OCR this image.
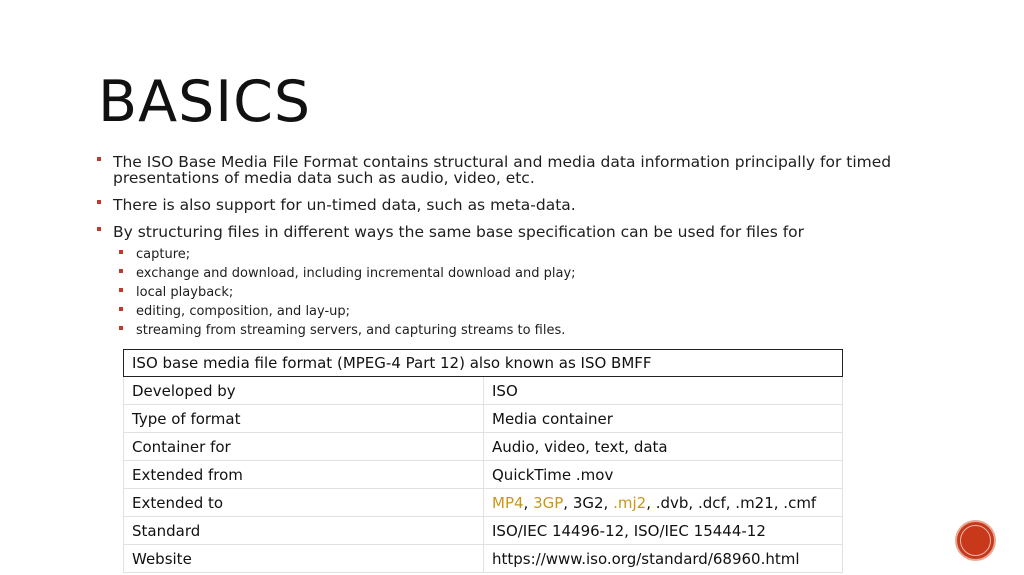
BASICS
The ISO Base Media File Format contains structural and media data information principally for timed presentations of media data such as audio, video, etc.
There is also support for un-timed data, such as meta-data.
By structuring files in different ways the same base specification can be used for files for
capture;
exchange and download, including incremental download and play;
local playback;
editing, composition, and lay-up;
streaming from streaming servers, and capturing streams to files.
ISO base media file format (MPEG-4 Part 12) also known as ISO BMFF	
Developed by	ISO
Type of format	Media container
Container for	Audio, video, text, data
Extended from	QuickTime .mov
Extended to	MP4, 3GP, 3G2, .mj2, .dvb, .dcf, .m21, .cmf
Standard	ISO/IEC 14496-12, ISO/IEC 15444-12
Website	https://www.iso.org/standard/68960.html
